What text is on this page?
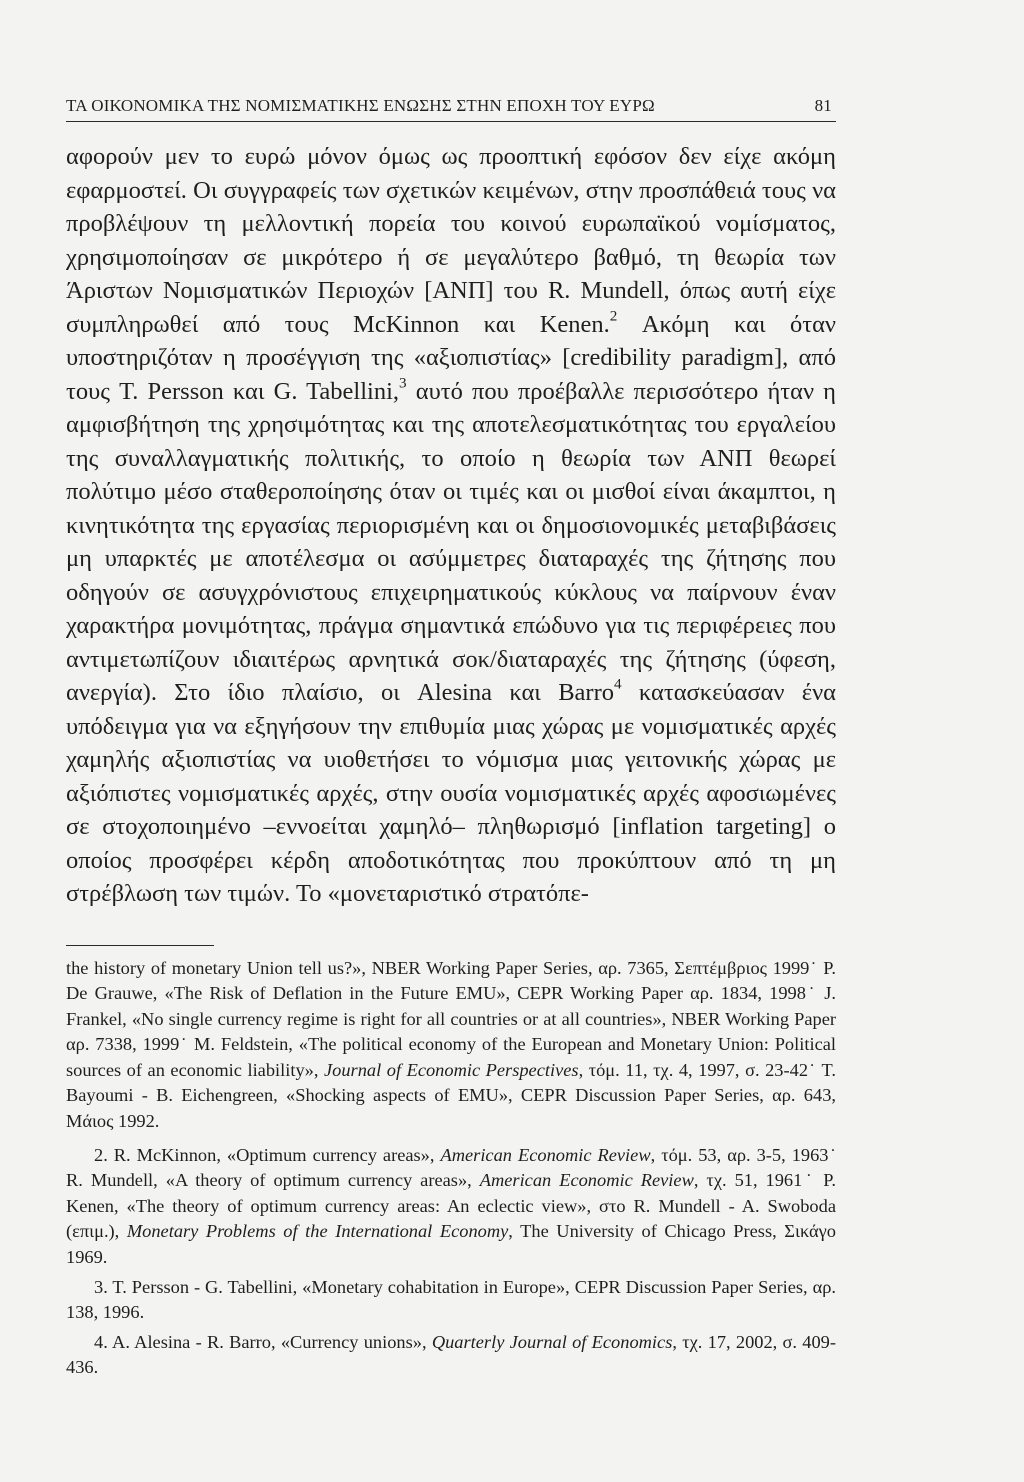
ΤΑ ΟΙΚΟΝΟΜΙΚΑ ΤΗΣ ΝΟΜΙΣΜΑΤΙΚΗΣ ΕΝΩΣΗΣ ΣΤΗΝ ΕΠΟΧΗ ΤΟΥ ΕΥΡΩ	81

αφορούν μεν το ευρώ μόνον όμως ως προοπτική εφόσον δεν είχε ακόμη εφαρμοστεί. Οι συγγραφείς των σχετικών κειμένων, στην προσπάθειά τους να προβλέψουν τη μελλοντική πορεία του κοινού ευρωπαϊκού νομίσματος, χρησιμοποίησαν σε μικρότερο ή σε μεγαλύτερο βαθμό, τη θεωρία των Άριστων Νομισματικών Περιοχών [ΑΝΠ] του R. Mundell, όπως αυτή είχε συμπληρωθεί από τους McKinnon και Kenen.$^2$ Ακόμη και όταν υποστηριζόταν η προσέγγιση της «αξιοπιστίας» [credibility paradigm], από τους T. Persson και G. Tabellini,$^3$ αυτό που προέβαλλε περισσότερο ήταν η αμφισβήτηση της χρησιμότητας και της αποτελεσματικότητας του εργαλείου της συναλλαγματικής πολιτικής, το οποίο η θεωρία των ΑΝΠ θεωρεί πολύτιμο μέσο σταθεροποίησης όταν οι τιμές και οι μισθοί είναι άκαμπτοι, η κινητικότητα της εργασίας περιορισμένη και οι δημοσιονομικές μεταβιβάσεις μη υπαρκτές με αποτέλεσμα οι ασύμμετρες διαταραχές της ζήτησης που οδηγούν σε ασυγχρόνιστους επιχειρηματικούς κύκλους να παίρνουν έναν χαρακτήρα μονιμότητας, πράγμα σημαντικά επώδυνο για τις περιφέρειες που αντιμετωπίζουν ιδιαιτέρως αρνητικά σοκ/διαταραχές της ζήτησης (ύφεση, ανεργία). Στο ίδιο πλαίσιο, οι Alesina και Barro$^4$ κατασκεύασαν ένα υπόδειγμα για να εξηγήσουν την επιθυμία μιας χώρας με νομισματικές αρχές χαμηλής αξιοπιστίας να υιοθετήσει το νόμισμα μιας γειτονικής χώρας με αξιόπιστες νομισματικές αρχές, στην ουσία νομισματικές αρχές αφοσιωμένες σε στοχοποιημένο –εννοείται χαμηλό– πληθωρισμό [inflation targeting] ο οποίος προσφέρει κέρδη αποδοτικότητας που προκύπτουν από τη μη στρέβλωση των τιμών. Το «μονεταριστικό στρατόπε-

the history of monetary Union tell us?», NBER Working Paper Series, αρ. 7365, Σεπτέμβριος 1999˙ P. De Grauwe, «The Risk of Deflation in the Future EMU», CEPR Working Paper αρ. 1834, 1998˙ J. Frankel, «No single currency regime is right for all countries or at all countries», NBER Working Paper αρ. 7338, 1999˙ M. Feldstein, «The political economy of the European and Monetary Union: Political sources of an economic liability», Journal of Economic Perspectives, τόμ. 11, τχ. 4, 1997, σ. 23-42˙ T. Bayoumi - B. Eichengreen, «Shocking aspects of EMU», CEPR Discussion Paper Series, αρ. 643, Μάιος 1992.

2. R. McKinnon, «Optimum currency areas», American Economic Review, τόμ. 53, αρ. 3-5, 1963˙ R. Mundell, «A theory of optimum currency areas», American Economic Review, τχ. 51, 1961˙ P. Kenen, «The theory of optimum currency areas: An eclectic view», στο R. Mundell - A. Swoboda (επιμ.), Monetary Problems of the International Economy, The University of Chicago Press, Σικάγο 1969.

3. T. Persson - G. Tabellini, «Monetary cohabitation in Europe», CEPR Discussion Paper Series, αρ. 138, 1996.

4. A. Alesina - R. Barro, «Currency unions», Quarterly Journal of Economics, τχ. 17, 2002, σ. 409-436.
